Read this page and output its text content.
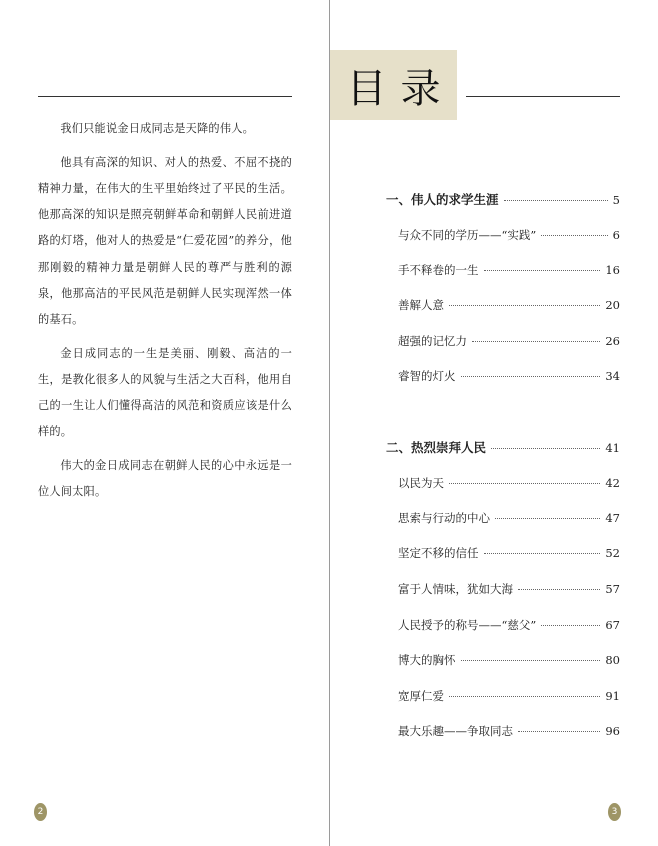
我们只能说金日成同志是天降的伟人。

他具有高深的知识、对人的热爱、不屈不挠的精神力量，在伟大的生平里始终过了平民的生活。他那高深的知识是照亮朝鲜革命和朝鲜人民前进道路的灯塔，他对人的热爱是“仁爱花园”的养分，他那刚毅的精神力量是朝鲜人民的尊严与胜利的源泉，他那高洁的平民风范是朝鲜人民实现浑然一体的基石。

金日成同志的一生是美丽、刚毅、高洁的一生，是教化很多人的风貌与生活之大百科，他用自己的一生让人们懂得高洁的风范和资质应该是什么样的。

伟大的金日成同志在朝鲜人民的心中永远是一位人间太阳。

2
目录
一、伟人的求学生涯	5
与众不同的学历——“实践”	6
手不释卷的一生	16
善解人意	20
超强的记忆力	26
睿智的灯火	34
二、热烈崇拜人民	41
以民为天	42
思索与行动的中心	47
坚定不移的信任	52
富于人情味，犹如大海	57
人民授予的称号——“慈父”	67
博大的胸怀	80
宽厚仁爱	91
最大乐趣——争取同志	96
3
